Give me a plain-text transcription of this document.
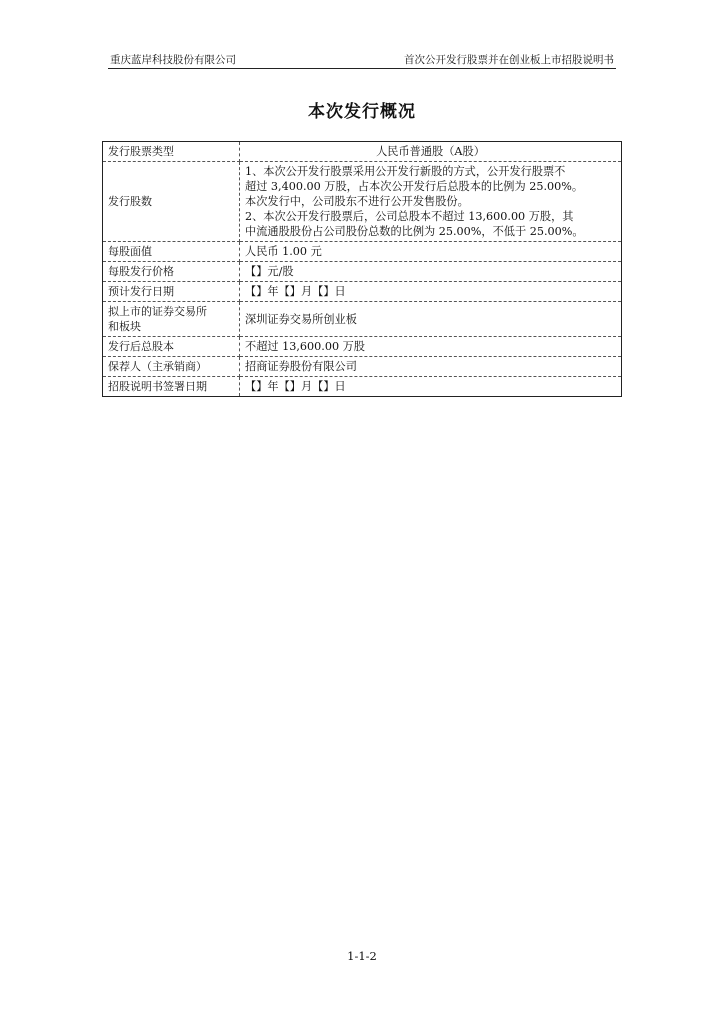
重庆蓝岸科技股份有限公司	首次公开发行股票并在创业板上市招股说明书
本次发行概况
发行股票类型	人民币普通股（A股）

发行股数	1、本次公开发行股票采用公开发行新股的方式，公开发行股票不
超过 3,400.00 万股，占本次公开发行后总股本的比例为 25.00%。
本次发行中，公司股东不进行公开发售股份。
2、本次公开发行股票后，公司总股本不超过 13,600.00 万股，其
中流通股股份占公司股份总数的比例为 25.00%，不低于 25.00%。

每股面值	人民币 1.00 元

每股发行价格	【】元/股

预计发行日期	【】年【】月【】日

拟上市的证券交易所
和板块	深圳证券交易所创业板

发行后总股本	不超过 13,600.00 万股

保荐人（主承销商）	招商证券股份有限公司

招股说明书签署日期	【】年【】月【】日
1-1-2
